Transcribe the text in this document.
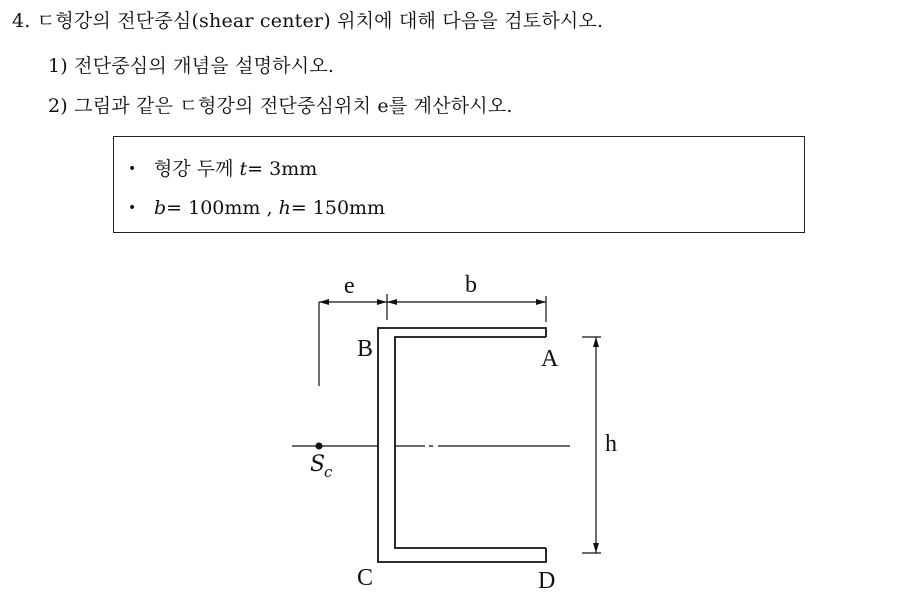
4. ㄷ형강의 전단중심(shear center) 위치에 대해 다음을 검토하시오.
1) 전단중심의 개념을 설명하시오.
2) 그림과 같은 ㄷ형강의 전단중심위치 e를 계산하시오.
• 형강 두께 t= 3mm
• b= 100mm , h= 150mm
e	b
h
B	A
C	D
S
c
